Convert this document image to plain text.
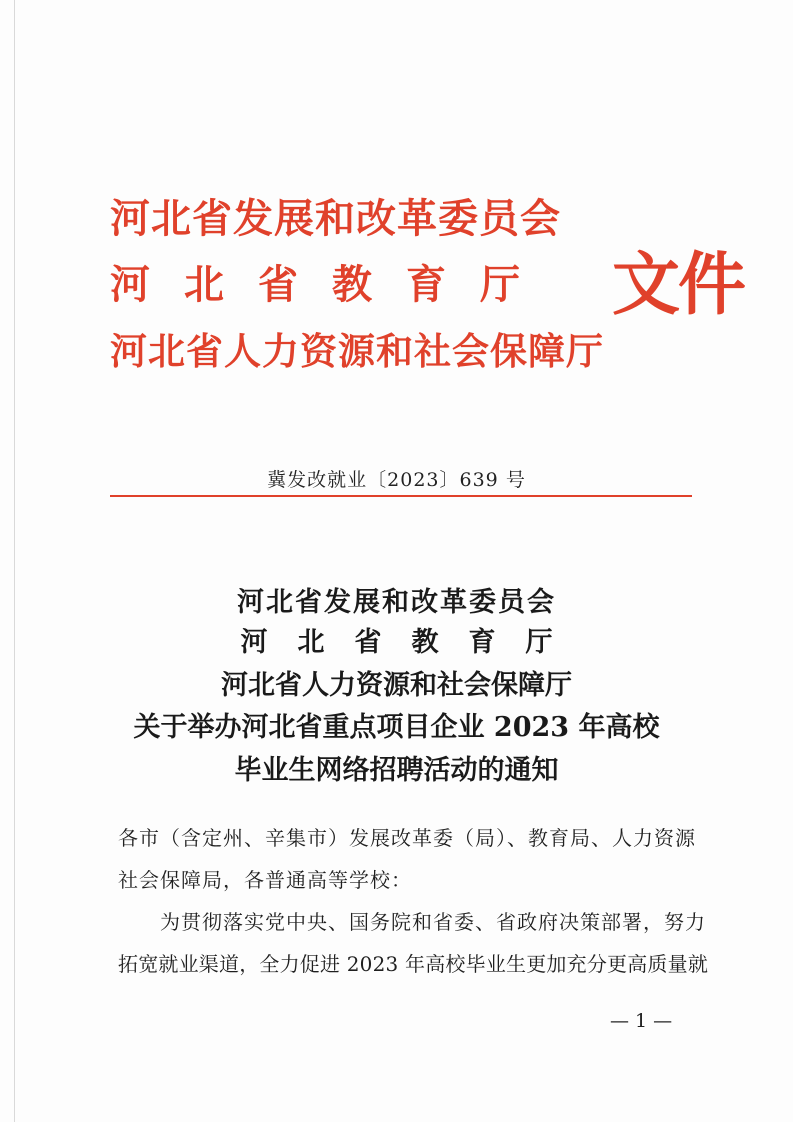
河北省发展和改革委员会
河北省教育厅
河北省人力资源和社会保障厅
文件
冀发改就业〔2023〕639 号
河北省发展和改革委员会
河北省教育厅
河北省人力资源和社会保障厅
关于举办河北省重点项目企业 2023 年高校
毕业生网络招聘活动的通知
各市（含定州、辛集市）发展改革委（局）、教育局、人力资源
社会保障局，各普通高等学校：
为贯彻落实党中央、国务院和省委、省政府决策部署，努力
拓宽就业渠道，全力促进 2023 年高校毕业生更加充分更高质量就
— 1 —
